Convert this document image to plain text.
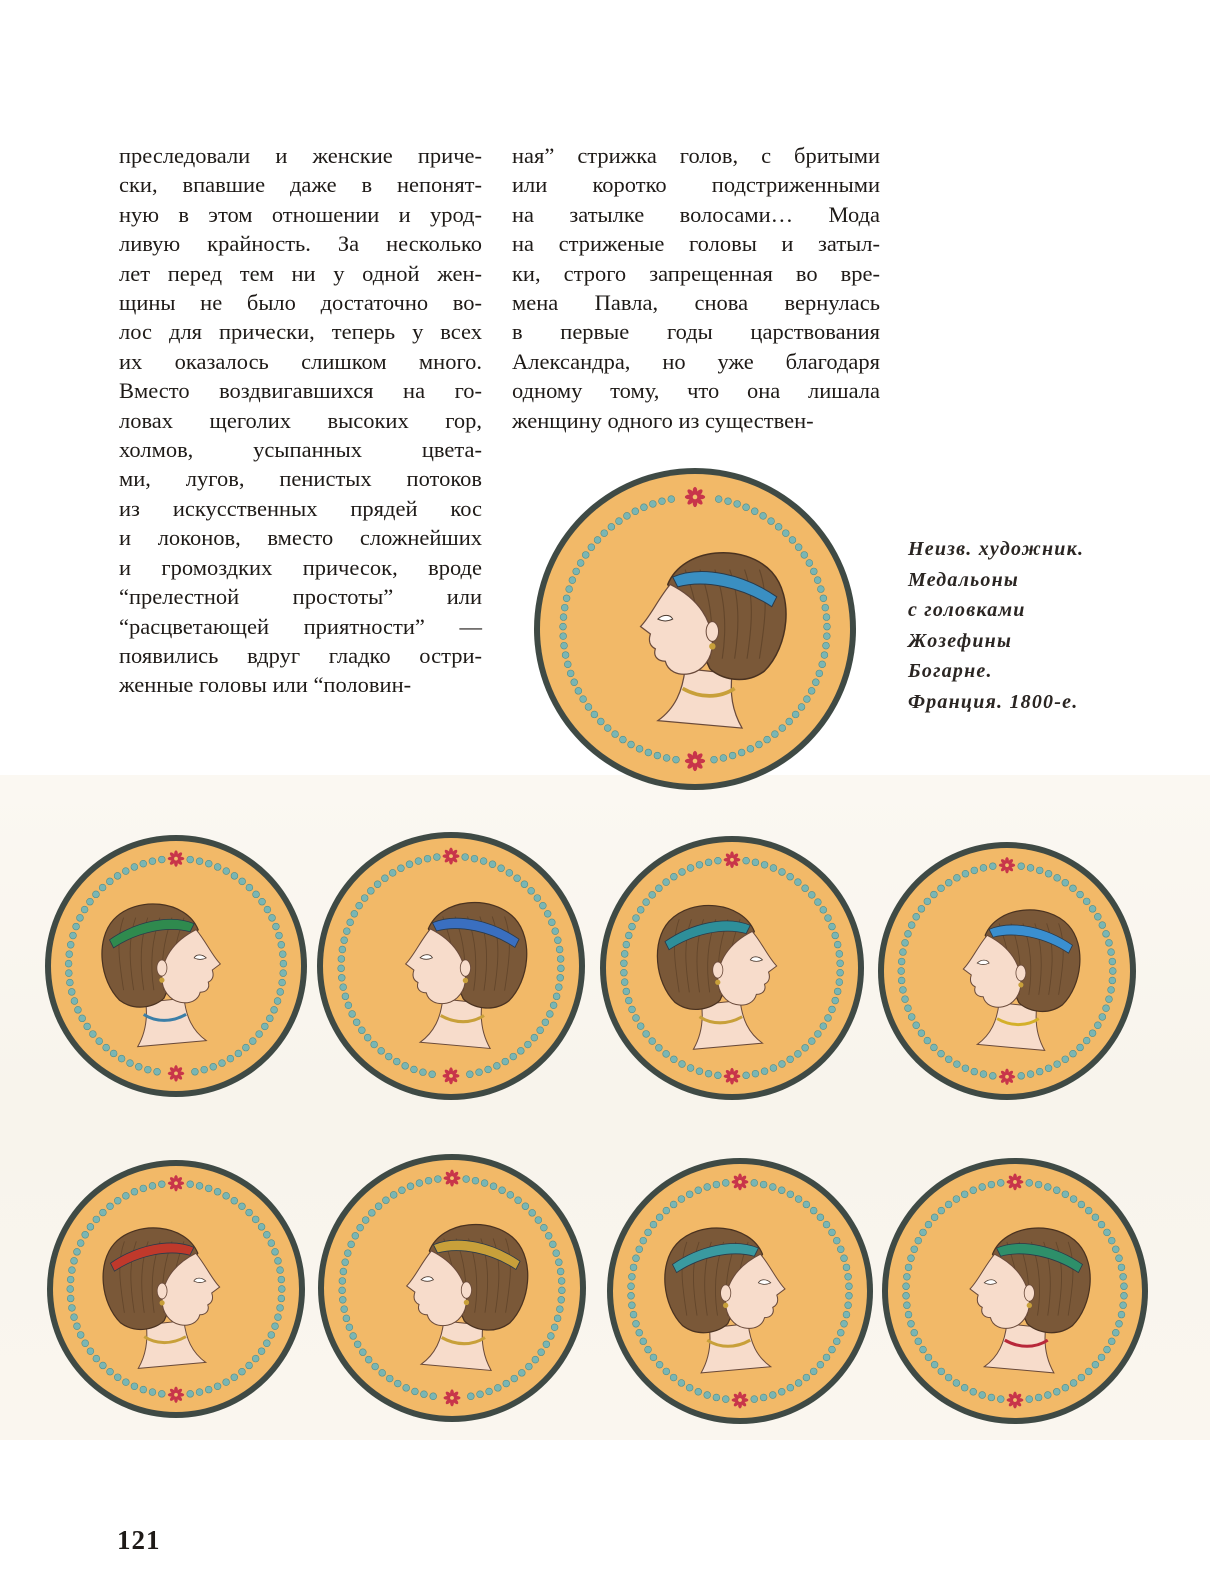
преследовали и женские приче-
ски, впавшие даже в непонят-
ную в этом отношении и урод-
ливую крайность. За несколько
лет перед тем ни у одной жен-
щины не было достаточно во-
лос для прически, теперь у всех
их оказалось слишком много.
Вместо воздвигавшихся на го-
ловах щеголих высоких гор,
холмов, усыпанных цвета-
ми, лугов, пенистых потоков
из искусственных прядей кос
и локонов, вместо сложнейших
и громоздких причесок, вроде
“прелестной простоты” или
“расцветающей приятности” —
появились вдруг гладко остри-
женные головы или “половин-
ная” стрижка голов, с бритыми
или коротко подстриженными
на затылке волосами… Мода
на стриженые головы и затыл-
ки, строго запрещенная во вре-
мена Павла, снова вернулась
в первые годы царствования
Александра, но уже благодаря
одному тому, что она лишала
женщину одного из существен-
Неизв. художник.
Медальоны
с головками
Жозефины
Богарне.
Франция. 1800-е.
121
